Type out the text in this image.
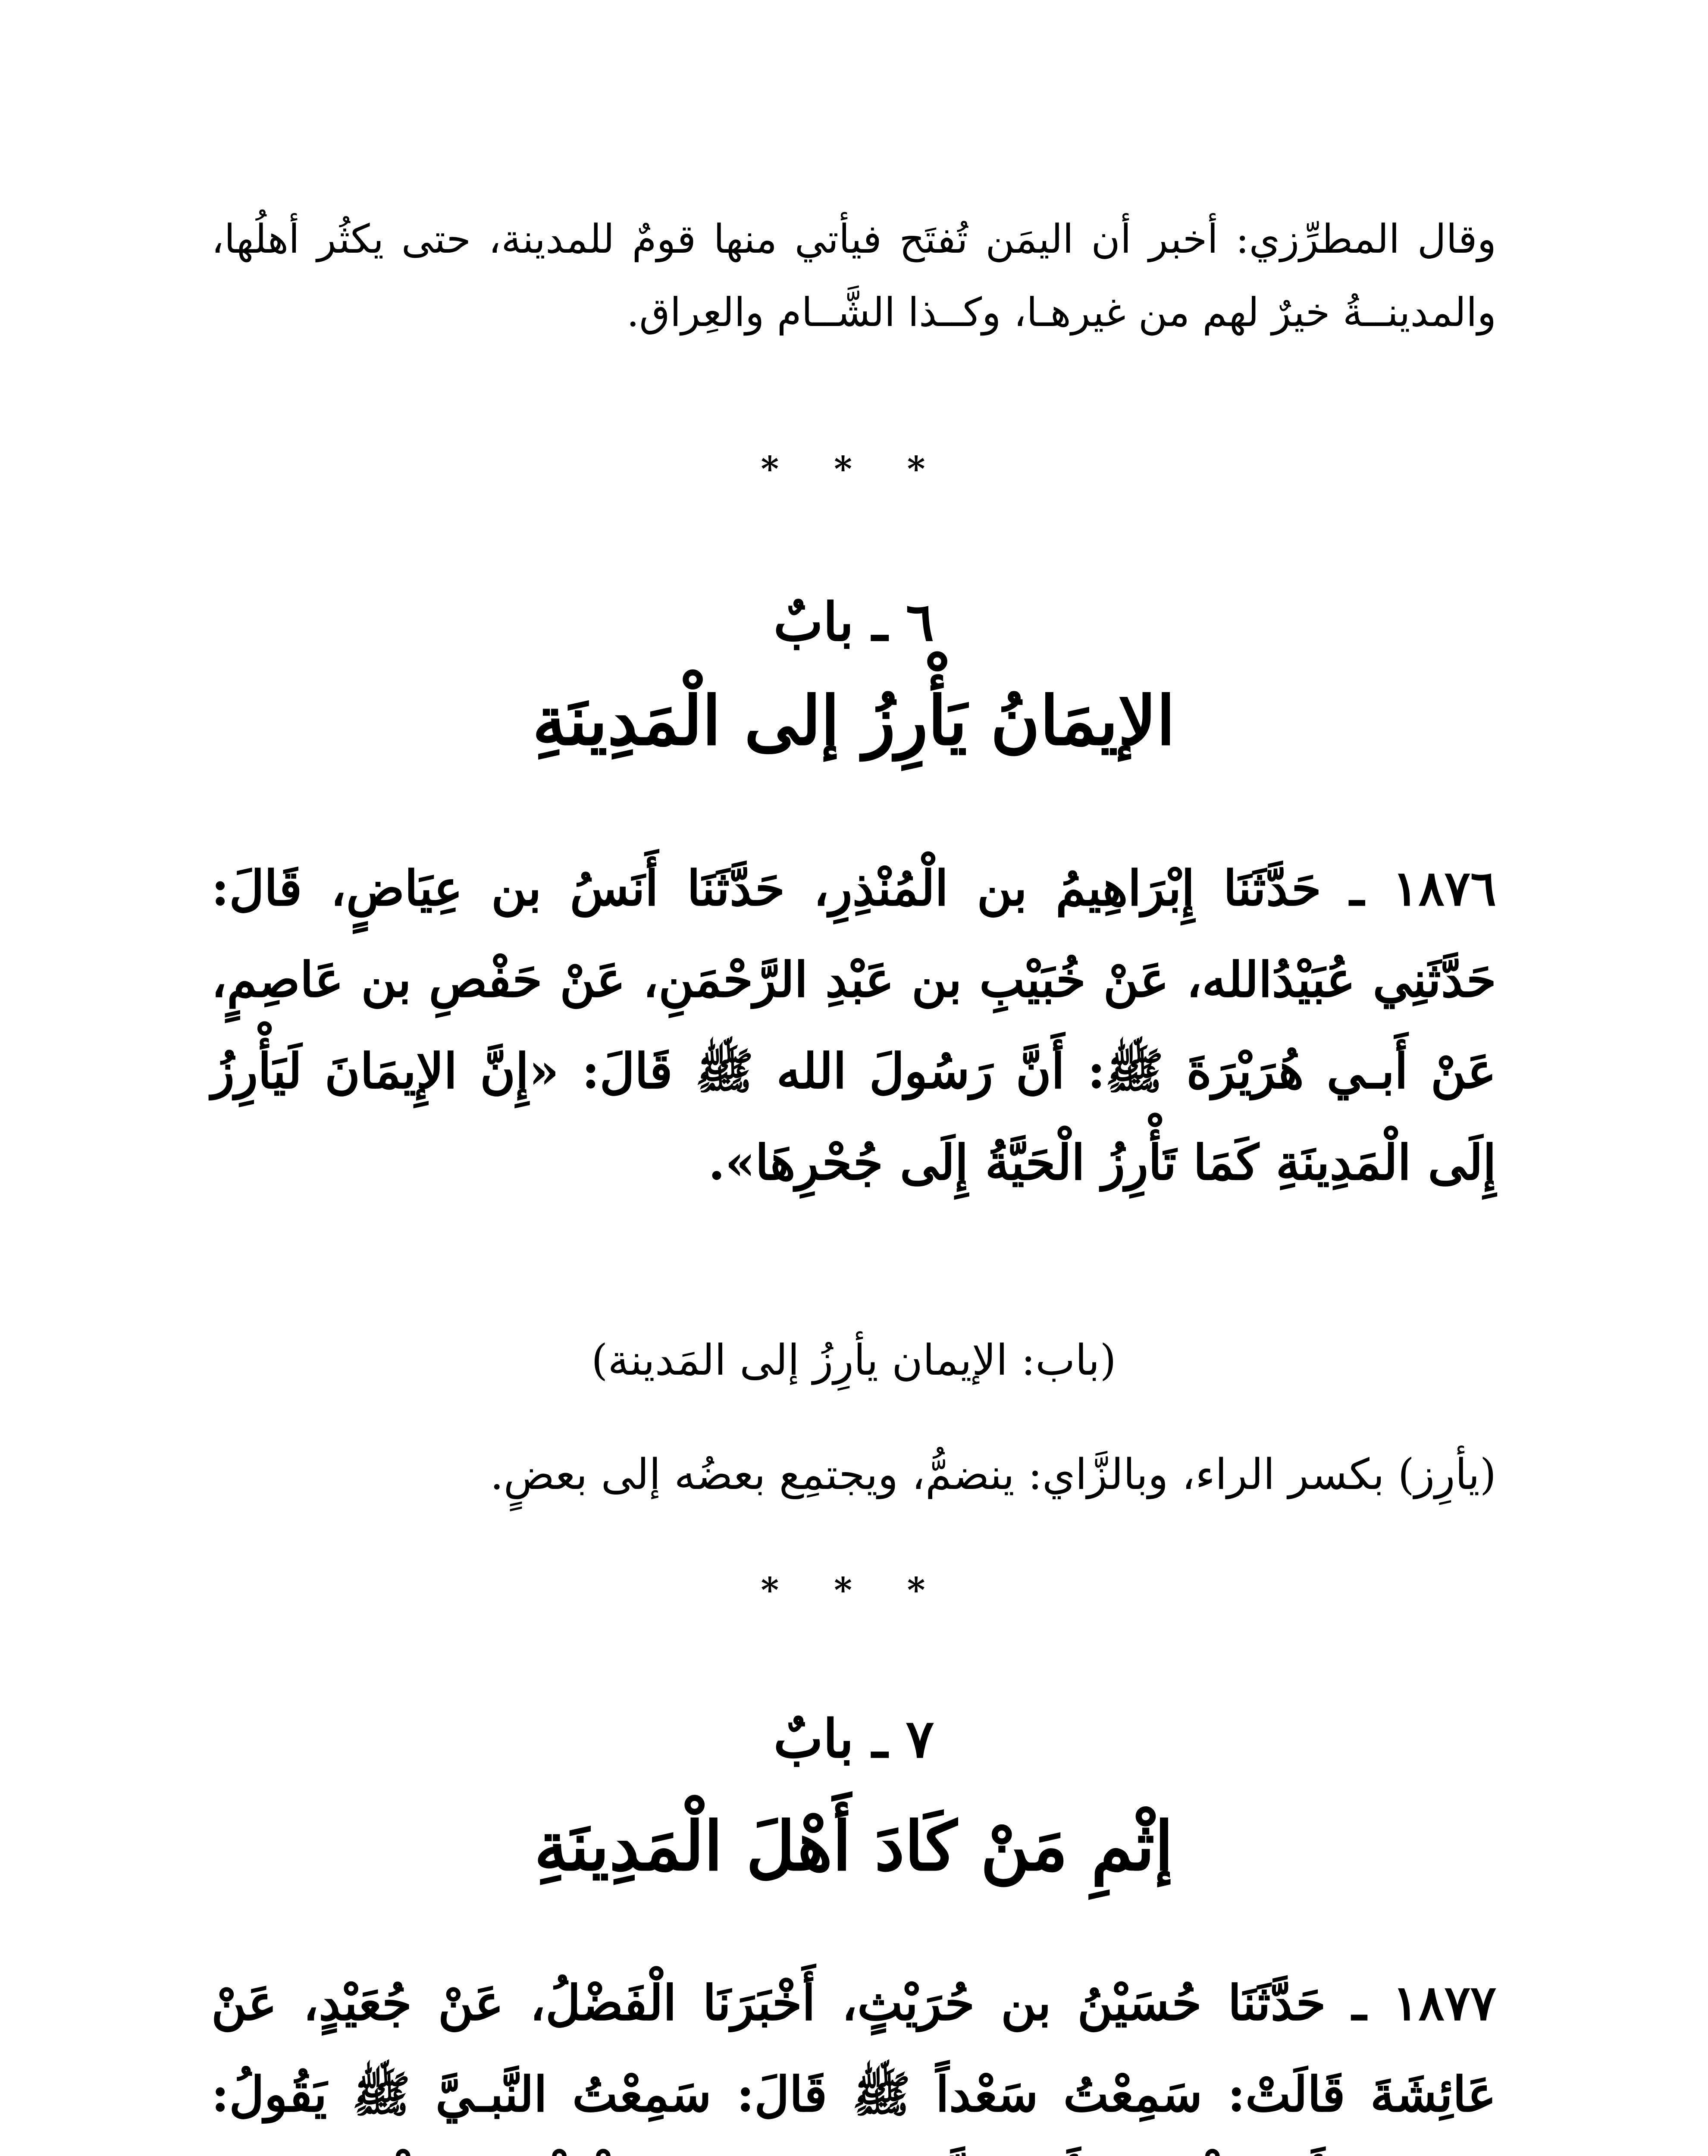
وقال المطرِّزي: أخبر أن اليمَن تُفتَح فيأتي منها قومٌ للمدينة، حتى يكثُر أهلُها، والمدينــةُ خيرٌ لهم من غيرهـا، وكــذا الشَّــام والعِراق.

* * *
٦ ـ بابٌ
الإيمَانُ يَأْرِزُ إلى الْمَدِينَةِ

١٨٧٦ ـ حَدَّثَنَا إِبْرَاهِيمُ بن الْمُنْذِرِ، حَدَّثَنَا أَنَسُ بن عِيَاضٍ، قَالَ: حَدَّثَنِي عُبَيْدُالله، عَنْ خُبَيْبِ بن عَبْدِ الرَّحْمَنِ، عَنْ حَفْصِ بن عَاصِمٍ، عَنْ أَبـي هُرَيْرَةَ ﷺ: أَنَّ رَسُولَ الله ﷺ قَالَ: «إِنَّ الإِيمَانَ لَيَأْرِزُ إِلَى الْمَدِينَةِ كَمَا تَأْرِزُ الْحَيَّةُ إِلَى جُحْرِهَا».

(باب: الإيمان يأرِزُ إلى المَدينة)

(يأرِز) بكسر الراء، وبالزَّاي: ينضمُّ، ويجتمِع بعضُه إلى بعضٍ.

* * *
٧ ـ بابٌ
إثْمِ مَنْ كَادَ أَهْلَ الْمَدِينَةِ

١٨٧٧ ـ حَدَّثَنَا حُسَيْنُ بن حُرَيْثٍ، أَخْبَرَنَا الْفَضْلُ، عَنْ جُعَيْدٍ، عَنْ عَائِشَةَ قَالَتْ: سَمِعْتُ سَعْداً ﷺ قَالَ: سَمِعْتُ النَّبـيَّ ﷺ يَقُولُ:
